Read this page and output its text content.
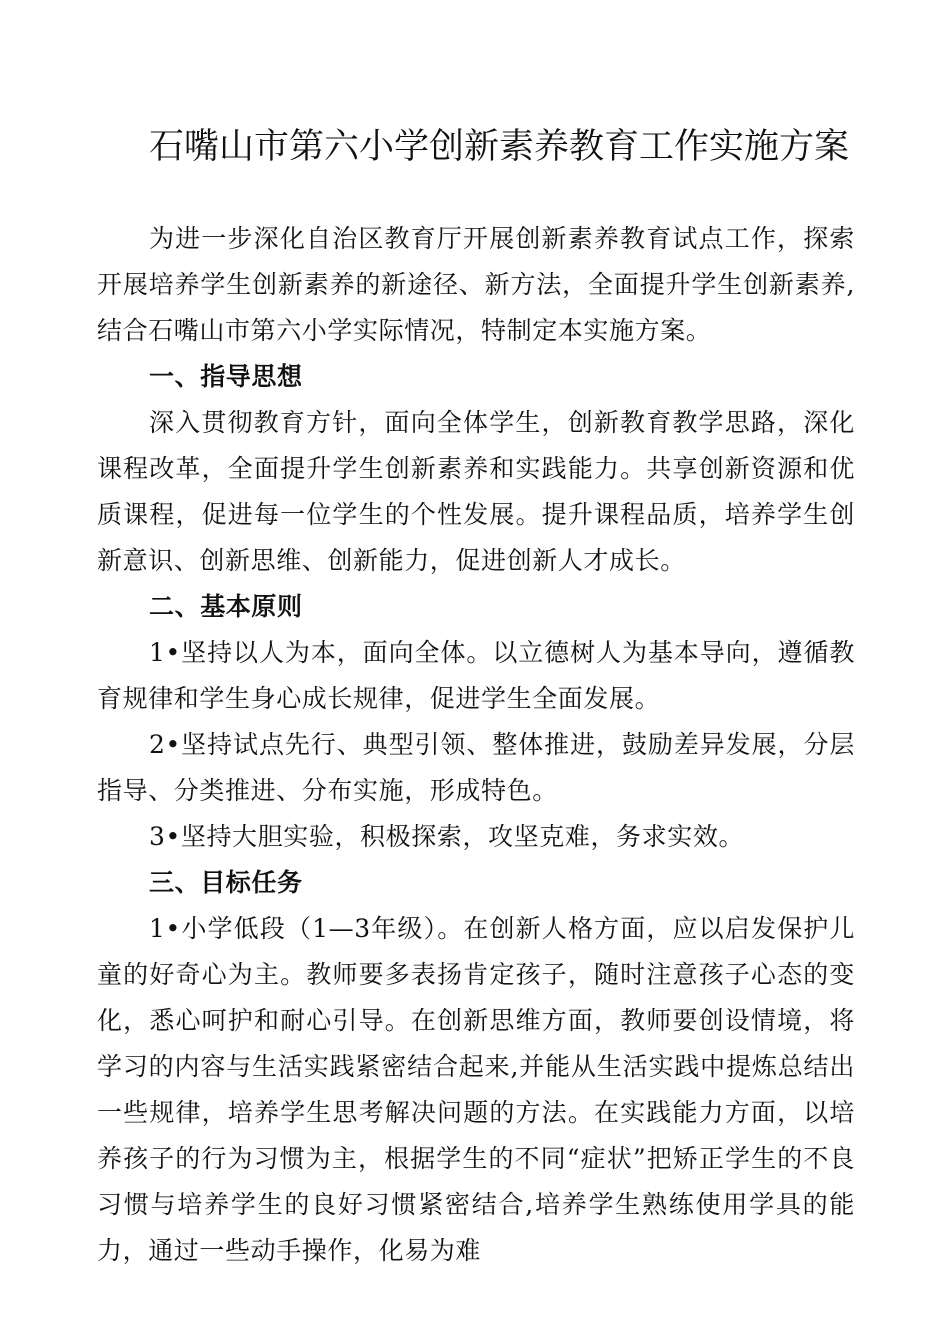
石嘴山市第六小学创新素养教育工作实施方案

为进一步深化自治区教育厅开展创新素养教育试点工作，探索开展培养学生创新素养的新途径、新方法，全面提升学生创新素养,结合石嘴山市第六小学实际情况，特制定本实施方案。

一、指导思想

深入贯彻教育方针，面向全体学生，创新教育教学思路，深化课程改革，全面提升学生创新素养和实践能力。共享创新资源和优质课程，促进每一位学生的个性发展。提升课程品质，培养学生创新意识、创新思维、创新能力，促进创新人才成长。

二、基本原则

1•坚持以人为本，面向全体。以立德树人为基本导向，遵循教育规律和学生身心成长规律，促进学生全面发展。

2•坚持试点先行、典型引领、整体推进，鼓励差异发展，分层指导、分类推进、分布实施，形成特色。

3•坚持大胆实验，积极探索，攻坚克难，务求实效。

三、目标任务

1•小学低段（1—3年级）。在创新人格方面，应以启发保护儿童的好奇心为主。教师要多表扬肯定孩子，随时注意孩子心态的变化，悉心呵护和耐心引导。在创新思维方面，教师要创设情境，将学习的内容与生活实践紧密结合起来,并能从生活实践中提炼总结出一些规律，培养学生思考解决问题的方法。在实践能力方面，以培养孩子的行为习惯为主，根据学生的不同“症状”把矫正学生的不良习惯与培养学生的良好习惯紧密结合,培养学生熟练使用学具的能力，通过一些动手操作，化易为难
